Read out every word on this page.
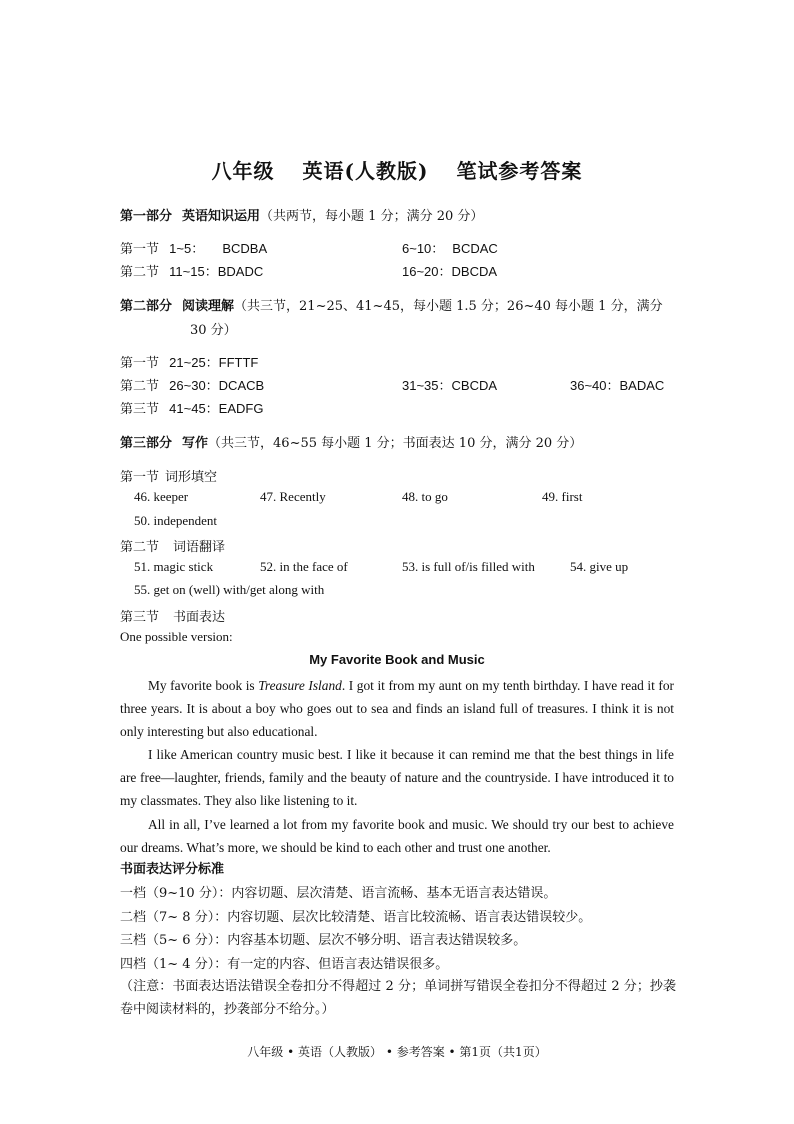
八年级 英语(人教版) 笔试参考答案
第一部分 英语知识运用（共两节，每小题 1 分；满分 20 分）
第一节 1~5： BCDBA	6~10： BCDAC
第二节 11~15：BDADC	16~20：DBCDA
第二部分 阅读理解（共三节，21~25、41~45，每小题 1.5 分；26~40 每小题 1 分，满分
30 分）
第一节 21~25：FFTTF
第二节 26~30：DCACB	31~35：CBCDA	36~40：BADAC
第三节 41~45：EADFG
第三部分 写作（共三节，46~55 每小题 1 分；书面表达 10 分，满分 20 分）
第一节 词形填空
46. keeper	47. Recently	48. to go	49. first
50. independent
第二节 词语翻译
51. magic stick	52. in the face of	53. is full of/is filled with	54. give up
55. get on (well) with/get along with
第三节 书面表达
One possible version:
My Favorite Book and Music
My favorite book is Treasure Island. I got it from my aunt on my tenth birthday. I have read it for three years. It is about a boy who goes out to sea and finds an island full of treasures. I think it is not only interesting but also educational.
I like American country music best. I like it because it can remind me that the best things in life are free—laughter, friends, family and the beauty of nature and the countryside. I have introduced it to my classmates. They also like listening to it.
All in all, I’ve learned a lot from my favorite book and music. We should try our best to achieve our dreams. What’s more, we should be kind to each other and trust one another.
书面表达评分标准
一档（9~10 分）：内容切题、层次清楚、语言流畅、基本无语言表达错误。
二档（7~ 8 分）：内容切题、层次比较清楚、语言比较流畅、语言表达错误较少。
三档（5~ 6 分）：内容基本切题、层次不够分明、语言表达错误较多。
四档（1~ 4 分）：有一定的内容、但语言表达错误很多。
（注意：书面表达语法错误全卷扣分不得超过 2 分；单词拼写错误全卷扣分不得超过 2 分；抄袭卷中阅读材料的，抄袭部分不给分。）
八年级 • 英语（人教版） • 参考答案 • 第1页（共1页）
